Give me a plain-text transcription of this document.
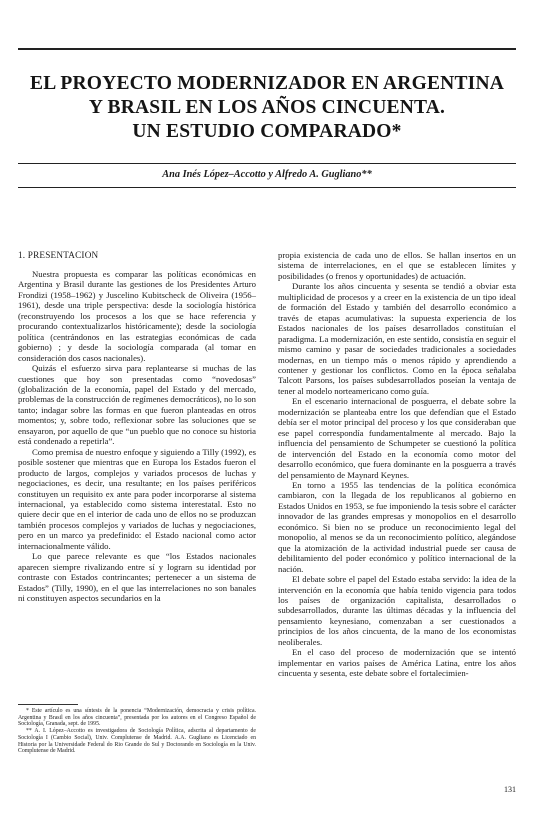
EL PROYECTO MODERNIZADOR EN ARGENTINA
Y BRASIL EN LOS AÑOS CINCUENTA.
UN ESTUDIO COMPARADO*
Ana Inés López–Accotto y Alfredo A. Gugliano**
1. PRESENTACION

Nuestra propuesta es comparar las políticas económicas en Argentina y Brasil durante las gestiones de los Presidentes Arturo Frondizi (1958–1962) y Juscelino Kubitscheck de Oliveira (1956–1961), desde una triple perspectiva: desde la sociología histórica (reconstruyendo los procesos a los que se hace referencia y procurando contextualizarlos históricamente); desde la sociología política (centrándonos en las estrategias económicas de cada gobierno) ; y desde la sociología comparada (al tomar en consideración dos casos nacionales).

Quizás el esfuerzo sirva para replantearse si muchas de las cuestiones que hoy son presentadas como “novedosas” (globalización de la economía, papel del Estado y del mercado, problemas de la construcción de regímenes democráticos), no lo son tanto; indagar sobre las formas en que fueron planteadas en otros momentos; y, sobre todo, reflexionar sobre las soluciones que se ensayaron, por aquello de que “un pueblo que no conoce su historia está condenado a repetirla”.

Como premisa de nuestro enfoque y siguiendo a Tilly (1992), es posible sostener que mientras que en Europa los Estados fueron el producto de largos, complejos y variados procesos de luchas y negociaciones, es decir, una resultante; en los países periféricos constituyen un requisito ex ante para poder incorporarse al sistema internacional, ya establecido como sistema interestatal. Esto no quiere decir que en el interior de cada uno de ellos no se produzcan también procesos complejos y variados de luchas y negociaciones, pero en un marco ya predefinido: el Estado nacional como actor internacionalmente válido.

Lo que parece relevante es que “los Estados nacionales aparecen siempre rivalizando entre sí y lograrn su identidad por contraste con Estados contrincantes; pertenecer a un sistema de Estados” (Tilly, 1990), en el que las interrelaciones no son banales ni constituyen aspectos secundarios en la

propia existencia de cada uno de ellos. Se hallan insertos en un sistema de interrelaciones, en el que se establecen límites y posibilidades (o frenos y oportunidades) de actuación.

Durante los años cincuenta y sesenta se tendió a obviar esta multiplicidad de procesos y a creer en la existencia de un tipo ideal de formación del Estado y también del desarrollo económico a través de etapas acumulativas: la supuesta experiencia de los Estados nacionales de los países desarrollados constituían el paradigma. La modernización, en este sentido, consistía en seguir el mismo camino y pasar de sociedades tradicionales a sociedades modernas, en un tiempo más o menos rápido y aprendiendo a contener y gestionar los conflictos. Como en la época señalaba Talcott Parsons, los países subdesarrollados poseían la ventaja de tener al modelo norteamericano como guía.

En el escenario internacional de posguerra, el debate sobre la modernización se planteaba entre los que defendían que el Estado debía ser el motor principal del proceso y los que consideraban que ese papel correspondía fundamentalmente al mercado. Bajo la influencia del pensamiento de Schumpeter se cuestionó la política de intervención del Estado en la economía como motor del desarrollo económico, que fuera dominante en la posguerra a través del pensamiento de Maynard Keynes.

En torno a 1955 las tendencias de la política económica cambiaron, con la llegada de los republicanos al gobierno en Estados Unidos en 1953, se fue imponiendo la tesis sobre el carácter innovador de las grandes empresas y monopolios en el desarrollo económico. Si bien no se produce un reconocimiento legal del monopolio, al menos se da un reconocimiento político, alegándose que la atomización de la actividad industrial puede ser causa de debilitamiento del poder económico y político internacional de la nación.

El debate sobre el papel del Estado estaba servido: la idea de la intervención en la economía que había tenido vigencia para todos los países de organización capitalista, desarrollados o subdesarrollados, durante las últimas décadas y la influencia del pensamiento keynesiano, comenzaban a ser cuestionados a principios de los años cincuenta, de la mano de los economistas neoliberales.

En el caso del proceso de modernización que se intentó implementar en varios países de América Latina, entre los años cincuenta y sesenta, este debate sobre el fortalecimien-

* Este artículo es una síntesis de la ponencia “Modernización, democracia y crisis política. Argentina y Brasil en los años cincuenta”, presentada por los autores en el Congreso Español de Sociología, Granada, sept. de 1995.

** A. I. López–Accotto es investigadora de Sociología Política, adscrita al departamento de Sociología I (Cambio Social), Univ. Complutense de Madrid. A.A. Gugliano es Licenciado en Historia por la Universidade Federal do Rio Grande do Sul y Doctorando en Sociología en la Univ. Complutense de Madrid.

131
